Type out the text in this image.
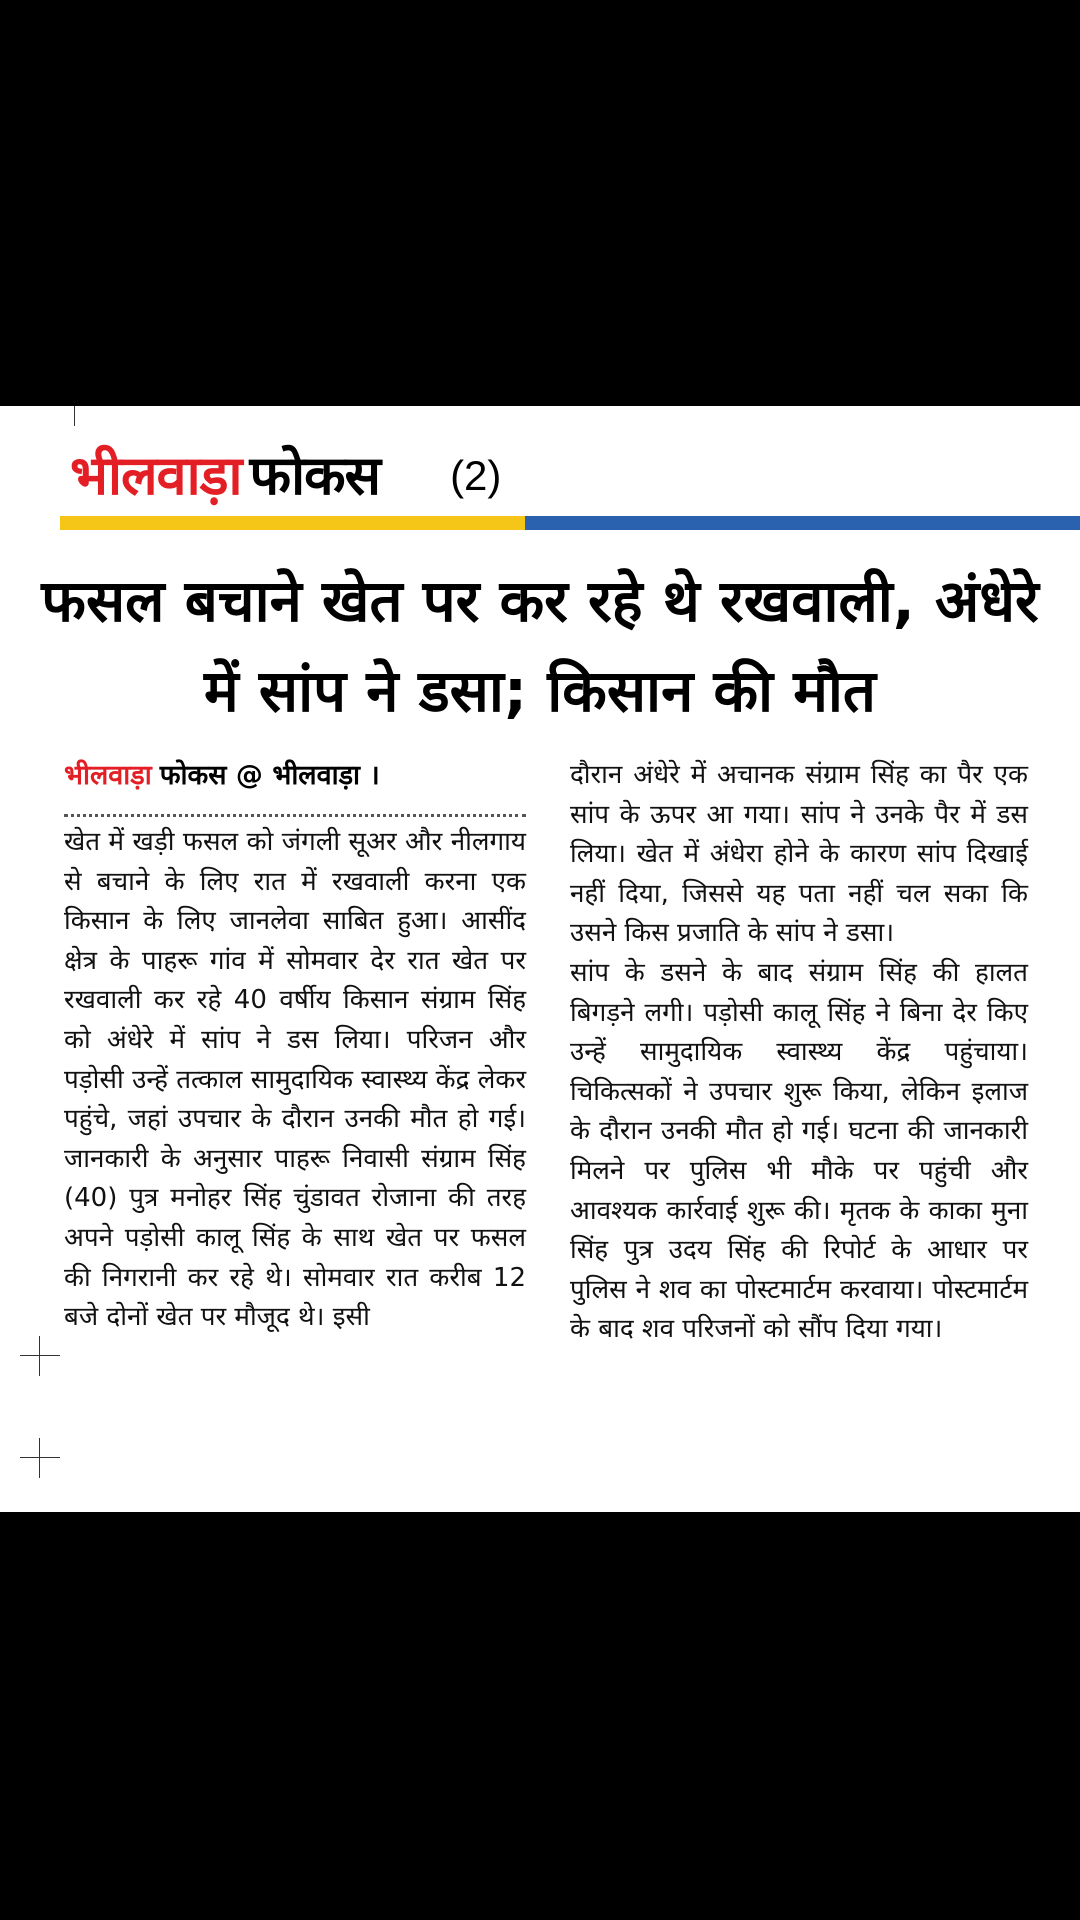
भीलवाड़ा फोकस (2)
फसल बचाने खेत पर कर रहे थे रखवाली, अंधेरे में सांप ने डसा; किसान की मौत
भीलवाड़ा फोकस @ भीलवाड़ा ।

खेत में खड़ी फसल को जंगली सूअर और नीलगाय से बचाने के लिए रात में रखवाली करना एक किसान के लिए जानलेवा साबित हुआ। आसींद क्षेत्र के पाहरू गांव में सोमवार देर रात खेत पर रखवाली कर रहे 40 वर्षीय किसान संग्राम सिंह को अंधेरे में सांप ने डस लिया। परिजन और पड़ोसी उन्हें तत्काल सामुदायिक स्वास्थ्य केंद्र लेकर पहुंचे, जहां उपचार के दौरान उनकी मौत हो गई।जानकारी के अनुसार पाहरू निवासी संग्राम सिंह (40) पुत्र मनोहर सिंह चुंडावत रोजाना की तरह अपने पड़ोसी कालू सिंह के साथ खेत पर फसल की निगरानी कर रहे थे। सोमवार रात करीब 12 बजे दोनों खेत पर मौजूद थे। इसी

दौरान अंधेरे में अचानक संग्राम सिंह का पैर एक सांप के ऊपर आ गया। सांप ने उनके पैर में डस लिया। खेत में अंधेरा होने के कारण सांप दिखाई नहीं दिया, जिससे यह पता नहीं चल सका कि उसने किस प्रजाति के सांप ने डसा।

सांप के डसने के बाद संग्राम सिंह की हालत बिगड़ने लगी। पड़ोसी कालू सिंह ने बिना देर किए उन्हें सामुदायिक स्वास्थ्य केंद्र पहुंचाया। चिकित्सकों ने उपचार शुरू किया, लेकिन इलाज के दौरान उनकी मौत हो गई। घटना की जानकारी मिलने पर पुलिस भी मौके पर पहुंची और आवश्यक कार्रवाई शुरू की। मृतक के काका मुना सिंह पुत्र उदय सिंह की रिपोर्ट के आधार पर पुलिस ने शव का पोस्टमार्टम करवाया। पोस्टमार्टम के बाद शव परिजनों को सौंप दिया गया।
